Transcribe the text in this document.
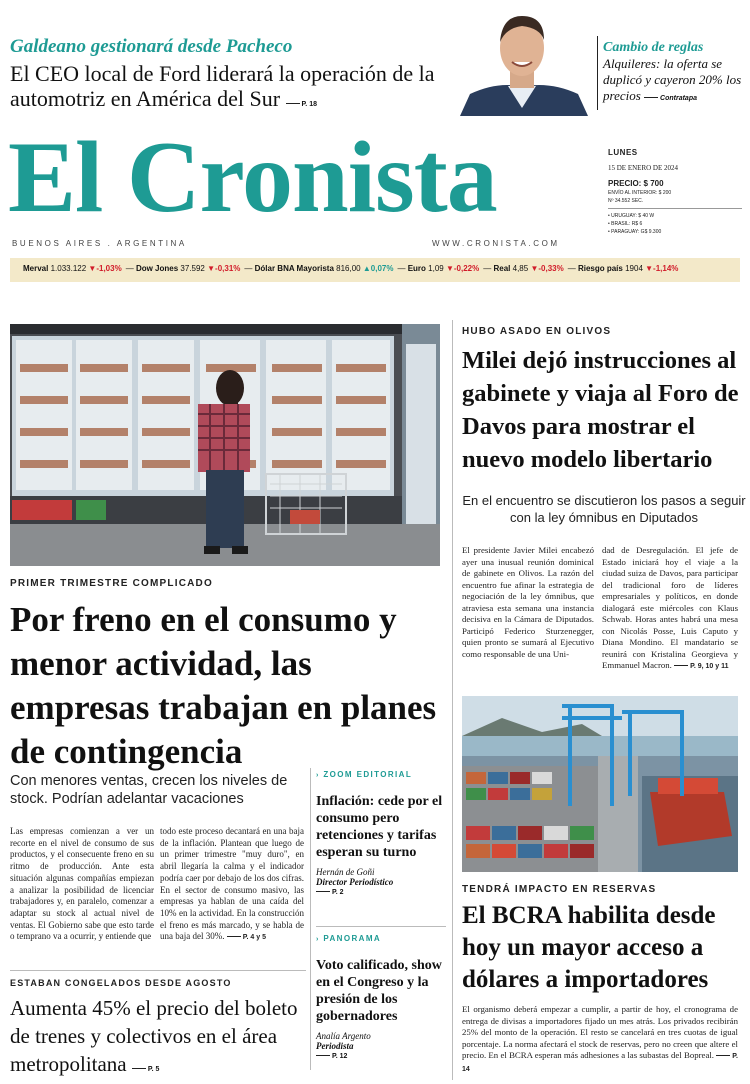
Galdeano gestionará desde Pacheco
El CEO local de Ford liderará la operación de la automotriz en América del Sur	P. 18
Cambio de reglas
Alquileres: la oferta se duplicó y cayeron 20% los precios	Contratapa
El Cronista
BUENOS AIRES . ARGENTINA	WWW.CRONISTA.COM
LUNES
15 DE ENERO DE 2024
PRECIO: $ 700
ENVÍO AL INTERIOR: $ 200
Nº 34.552 SEC.
• URUGUAY: $ 40 W
• BRASIL: R$ 6
• PARAGUAY: G$ 9.300
Merval 1.033.122 ▼-1,03% — Dow Jones 37.592 ▼-0,31% — Dólar BNA Mayorista 816,00 ▲0,07% — Euro 1,09 ▼-0,22% — Real 4,85 ▼-0,33% — Riesgo país 1904 ▼-1,14%
PRIMER TRIMESTRE COMPLICADO
Por freno en el consumo y menor actividad, las empresas trabajan en planes de contingencia
Con menores ventas, crecen los niveles de stock. Podrían adelantar vacaciones
Las empresas comienzan a ver un recorte en el nivel de consumo de sus productos, y el consecuente freno en su ritmo de producción. Ante esta situación algunas compañías empiezan a analizar la posibilidad de licenciar trabajadores y, en paralelo, comenzar a adaptar su stock al actual nivel de ventas. El Gobierno sabe que esto tarde o temprano va a ocurrir, y entiende que
todo este proceso decantará en una baja de la inflación. Plantean que luego de un primer trimestre "muy duro", en abril llegaría la calma y el indicador podría caer por debajo de los dos cifras. En el sector de consumo masivo, las empresas ya hablan de una caída del 10% en la actividad. En la construcción el freno es más marcado, y se habla de una baja del 30%.	P. 4 y 5
› ZOOM EDITORIAL
Inflación: cede por el consumo pero retenciones y tarifas esperan su turno
Hernán de Goñi
Director Periodístico
P. 2
› PANORAMA
Voto calificado, show en el Congreso y la presión de los gobernadores
Analía Argento
Periodista
P. 12
ESTABAN CONGELADOS DESDE AGOSTO
Aumenta 45% el precio del boleto de trenes y colectivos en el área metropolitana	P. 5
HUBO ASADO EN OLIVOS
Milei dejó instrucciones al gabinete y viaja al Foro de Davos para mostrar el nuevo modelo libertario
En el encuentro se discutieron los pasos a seguir con la ley ómnibus en Diputados
El presidente Javier Milei encabezó ayer una inusual reunión dominical de gabinete en Olivos. La razón del encuentro fue afinar la estrategia de negociación de la ley ómnibus, que atraviesa esta semana una instancia decisiva en la Cámara de Diputados. Participó Federico Sturzenegger, quien pronto se sumará al Ejecutivo como responsable de una Uni-
dad de Desregulación. El jefe de Estado iniciará hoy el viaje a la ciudad suiza de Davos, para participar del tradicional foro de líderes empresariales y políticos, en donde dialogará este miércoles con Klaus Schwab. Horas antes habrá una mesa con Nicolás Posse, Luis Caputo y Diana Mondino. El mandatario se reunirá con Kristalina Georgieva y Emmanuel Macron.	P. 9, 10 y 11
TENDRÁ IMPACTO EN RESERVAS
El BCRA habilita desde hoy un mayor acceso a dólares a importadores
El organismo deberá empezar a cumplir, a partir de hoy, el cronograma de entrega de divisas a importadores fijado un mes atrás. Los privados recibirán 25% del monto de la operación. El resto se cancelará en tres cuotas de igual porcentaje. La norma afectará el stock de reservas, pero no creen que altere el precio. En el BCRA esperan más adhesiones a las subastas del Bopreal.	P. 14
